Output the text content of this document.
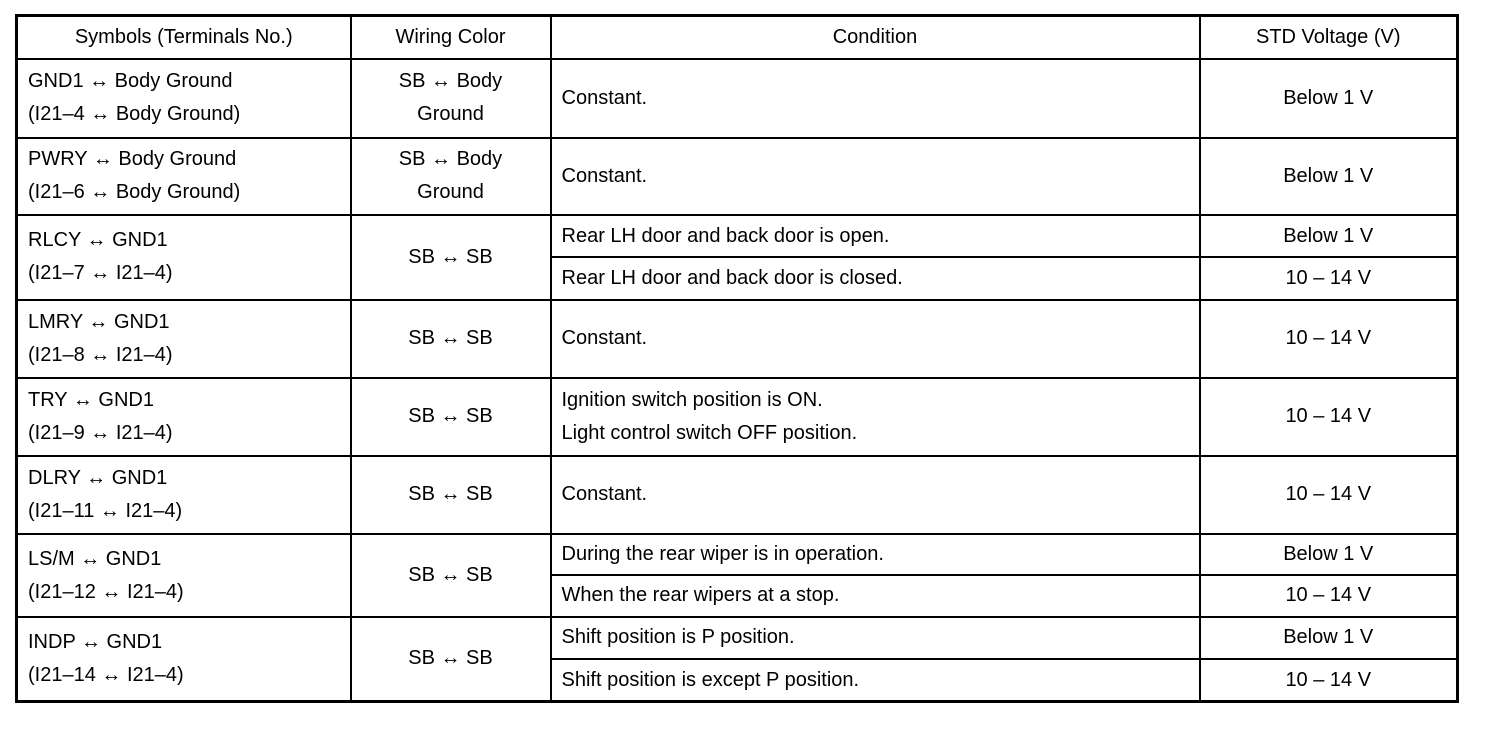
Symbols (Terminals No.)	Wiring Color	Condition	STD Voltage (V)

GND1 ↔ Body Ground
(I21–4 ↔ Body Ground)	SB ↔ Body
Ground	Constant.	Below 1 V

PWRY ↔ Body Ground
(I21–6 ↔ Body Ground)	SB ↔ Body
Ground	Constant.	Below 1 V

RLCY ↔ GND1
(I21–7 ↔ I21–4)	SB ↔ SB	Rear LH door and back door is open.	Below 1 V
		Rear LH door and back door is closed.	10 – 14 V

LMRY ↔ GND1
(I21–8 ↔ I21–4)	SB ↔ SB	Constant.	10 – 14 V

TRY ↔ GND1
(I21–9 ↔ I21–4)	SB ↔ SB	Ignition switch position is ON.
Light control switch OFF position.	10 – 14 V

DLRY ↔ GND1
(I21–11 ↔ I21–4)	SB ↔ SB	Constant.	10 – 14 V

LS/M ↔ GND1
(I21–12 ↔ I21–4)	SB ↔ SB	During the rear wiper is in operation.	Below 1 V
		When the rear wipers at a stop.	10 – 14 V

INDP ↔ GND1
(I21–14 ↔ I21–4)	SB ↔ SB	Shift position is P position.	Below 1 V
		Shift position is except P position.	10 – 14 V
